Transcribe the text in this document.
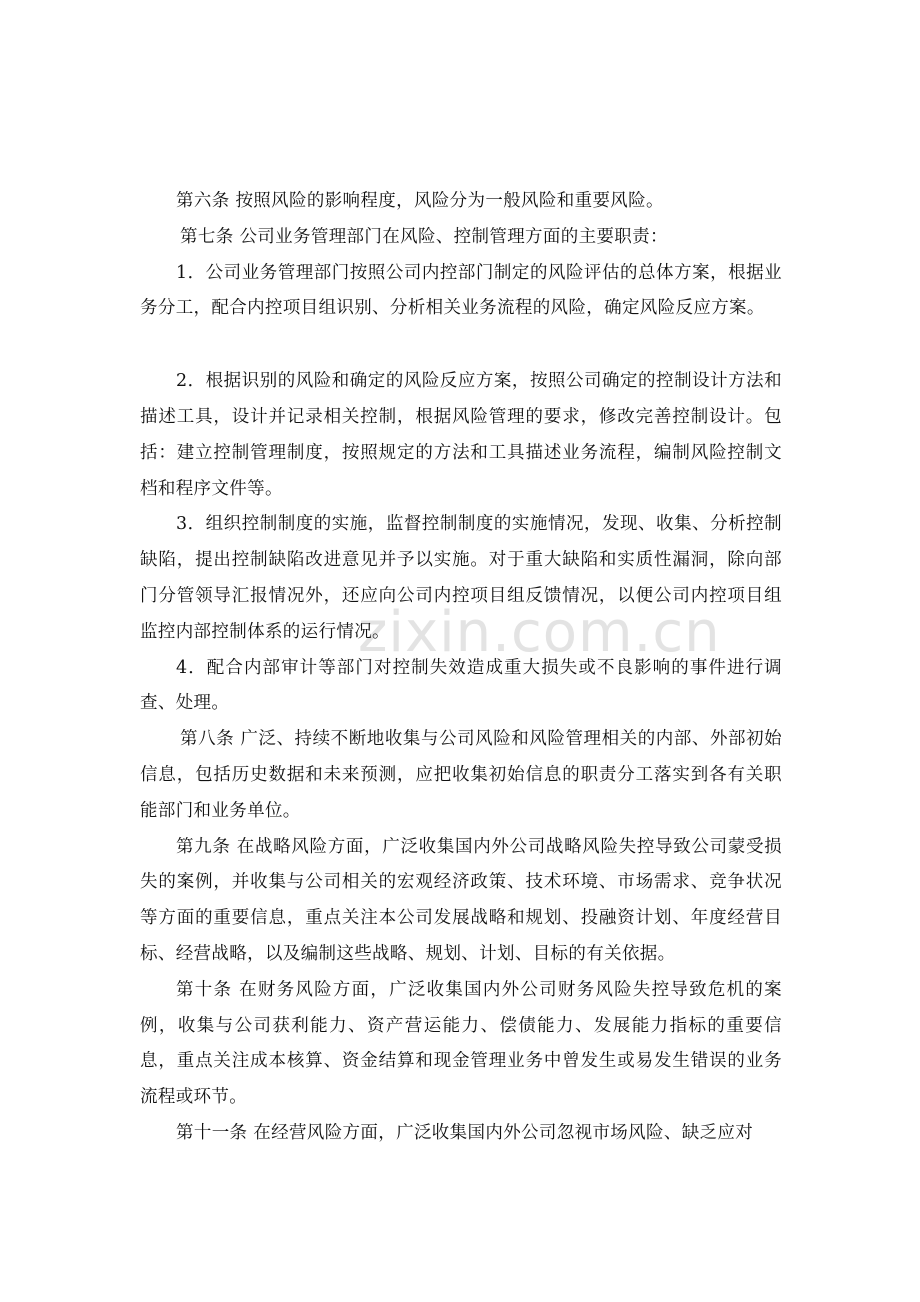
zixin.com.cn

第六条 按照风险的影响程度，风险分为一般风险和重要风险。

第七条 公司业务管理部门在风险、控制管理方面的主要职责：

1．公司业务管理部门按照公司内控部门制定的风险评估的总体方案，根据业务分工，配合内控项目组识别、分析相关业务流程的风险，确定风险反应方案。

2．根据识别的风险和确定的风险反应方案，按照公司确定的控制设计方法和描述工具，设计并记录相关控制，根据风险管理的要求，修改完善控制设计。包括：建立控制管理制度，按照规定的方法和工具描述业务流程，编制风险控制文档和程序文件等。

3．组织控制制度的实施，监督控制制度的实施情况，发现、收集、分析控制缺陷，提出控制缺陷改进意见并予以实施。对于重大缺陷和实质性漏洞，除向部门分管领导汇报情况外，还应向公司内控项目组反馈情况，以便公司内控项目组监控内部控制体系的运行情况。

4．配合内部审计等部门对控制失效造成重大损失或不良影响的事件进行调查、处理。

第八条 广泛、持续不断地收集与公司风险和风险管理相关的内部、外部初始信息，包括历史数据和未来预测，应把收集初始信息的职责分工落实到各有关职能部门和业务单位。

第九条 在战略风险方面，广泛收集国内外公司战略风险失控导致公司蒙受损失的案例，并收集与公司相关的宏观经济政策、技术环境、市场需求、竞争状况等方面的重要信息，重点关注本公司发展战略和规划、投融资计划、年度经营目标、经营战略，以及编制这些战略、规划、计划、目标的有关依据。

第十条 在财务风险方面，广泛收集国内外公司财务风险失控导致危机的案例，收集与公司获利能力、资产营运能力、偿债能力、发展能力指标的重要信息，重点关注成本核算、资金结算和现金管理业务中曾发生或易发生错误的业务流程或环节。

第十一条 在经营风险方面，广泛收集国内外公司忽视市场风险、缺乏应对
